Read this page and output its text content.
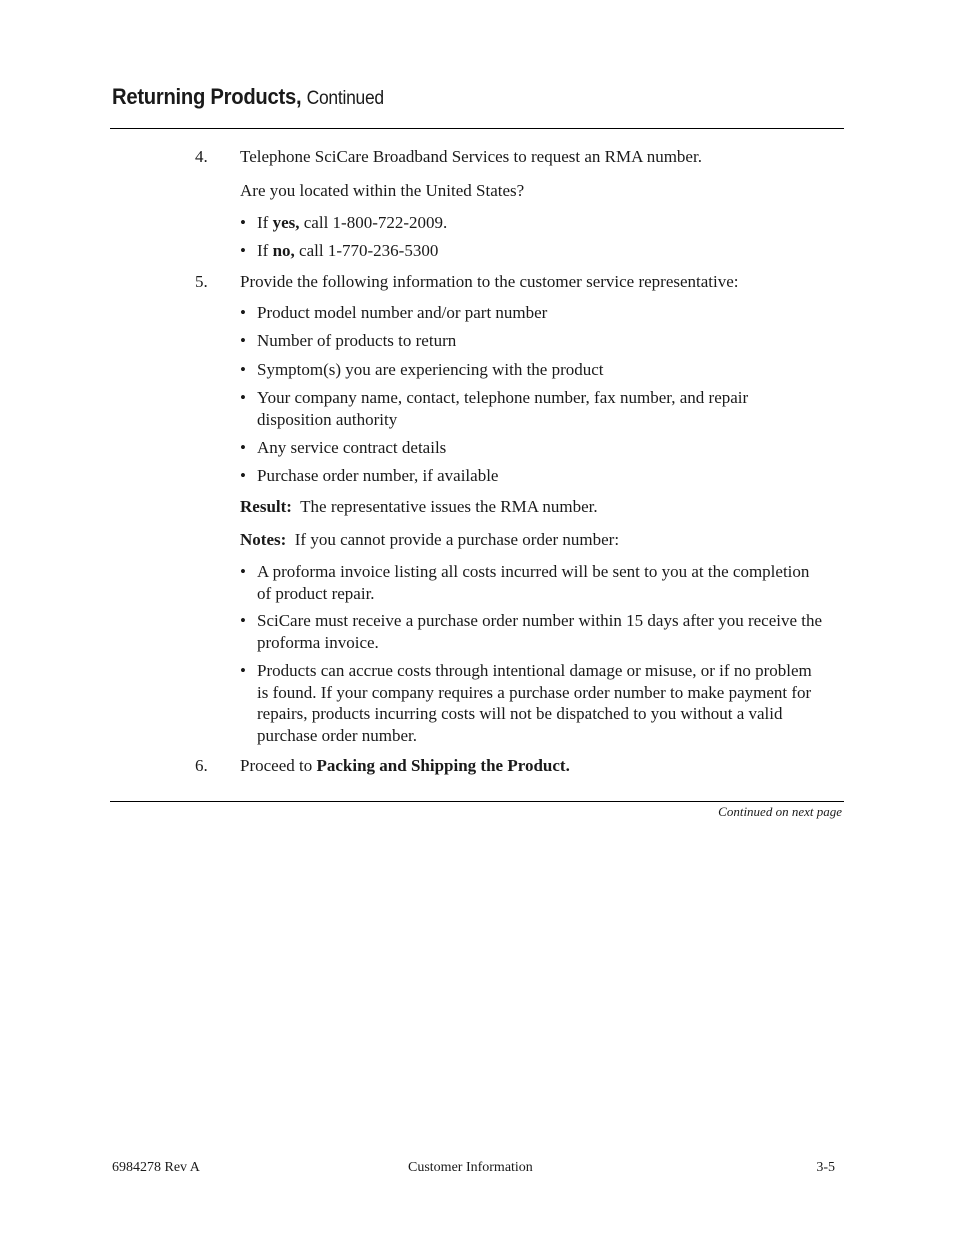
Returning Products, Continued
4. Telephone SciCare Broadband Services to request an RMA number.
Are you located within the United States?
• If yes, call 1-800-722-2009.
• If no, call 1-770-236-5300
5. Provide the following information to the customer service representative:
• Product model number and/or part number
• Number of products to return
• Symptom(s) you are experiencing with the product
• Your company name, contact, telephone number, fax number, and repair disposition authority
• Any service contract details
• Purchase order number, if available
Result: The representative issues the RMA number.
Notes: If you cannot provide a purchase order number:
• A proforma invoice listing all costs incurred will be sent to you at the completion of product repair.
• SciCare must receive a purchase order number within 15 days after you receive the proforma invoice.
• Products can accrue costs through intentional damage or misuse, or if no problem is found. If your company requires a purchase order number to make payment for repairs, products incurring costs will not be dispatched to you without a valid purchase order number.
6. Proceed to Packing and Shipping the Product.
Continued on next page
6984278 Rev A	Customer Information	3-5
